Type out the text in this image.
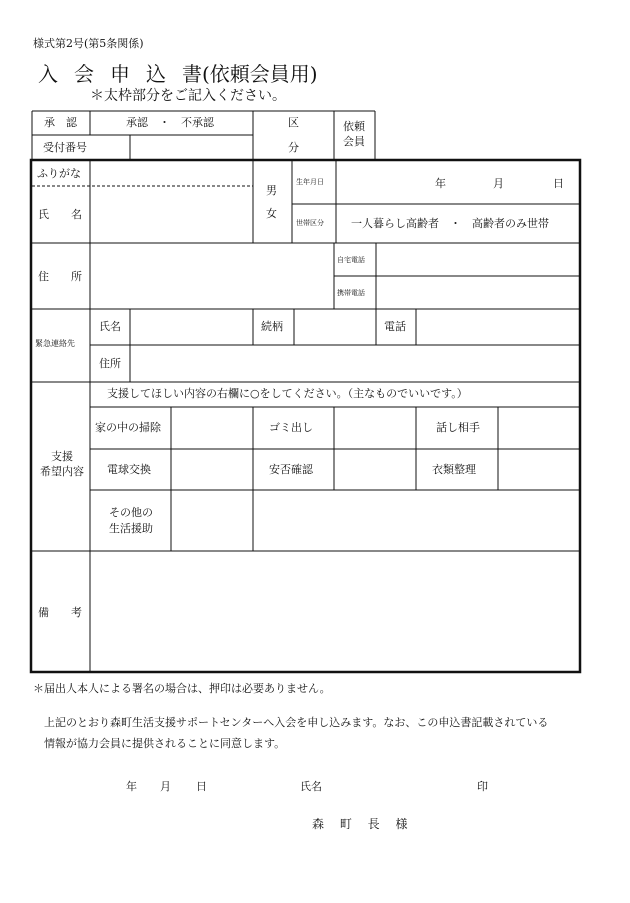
様式第2号(第5条関係)
入 会 申 込 書(依頼会員用)
＊太枠部分をご記入ください。
承　認	承認　・　不承認
受付番号
区
分
依頼
会員
ふりがな
氏　　名
男
女
生年月日	年	月	日
世帯区分 一人暮らし高齢者　・　高齢者のみ世帯
住　　所
自宅電話
携帯電話
緊急連絡先
氏名	続柄	電話
住所
支援
希望内容
支援してほしい内容の右欄に○をしてください。（主なものでいいです。）
家の中の掃除	ゴミ出し	話し相手
電球交換	安否確認	衣類整理
その他の
生活援助
備　　考
＊届出人本人による署名の場合は、押印は必要ありません。
上記のとおり森町生活支援サポートセンターへ入会を申し込みます。なお、この申込書記載されている
情報が協力会員に提供されることに同意します。
年 月 日	氏名	印
森 町 長 様
